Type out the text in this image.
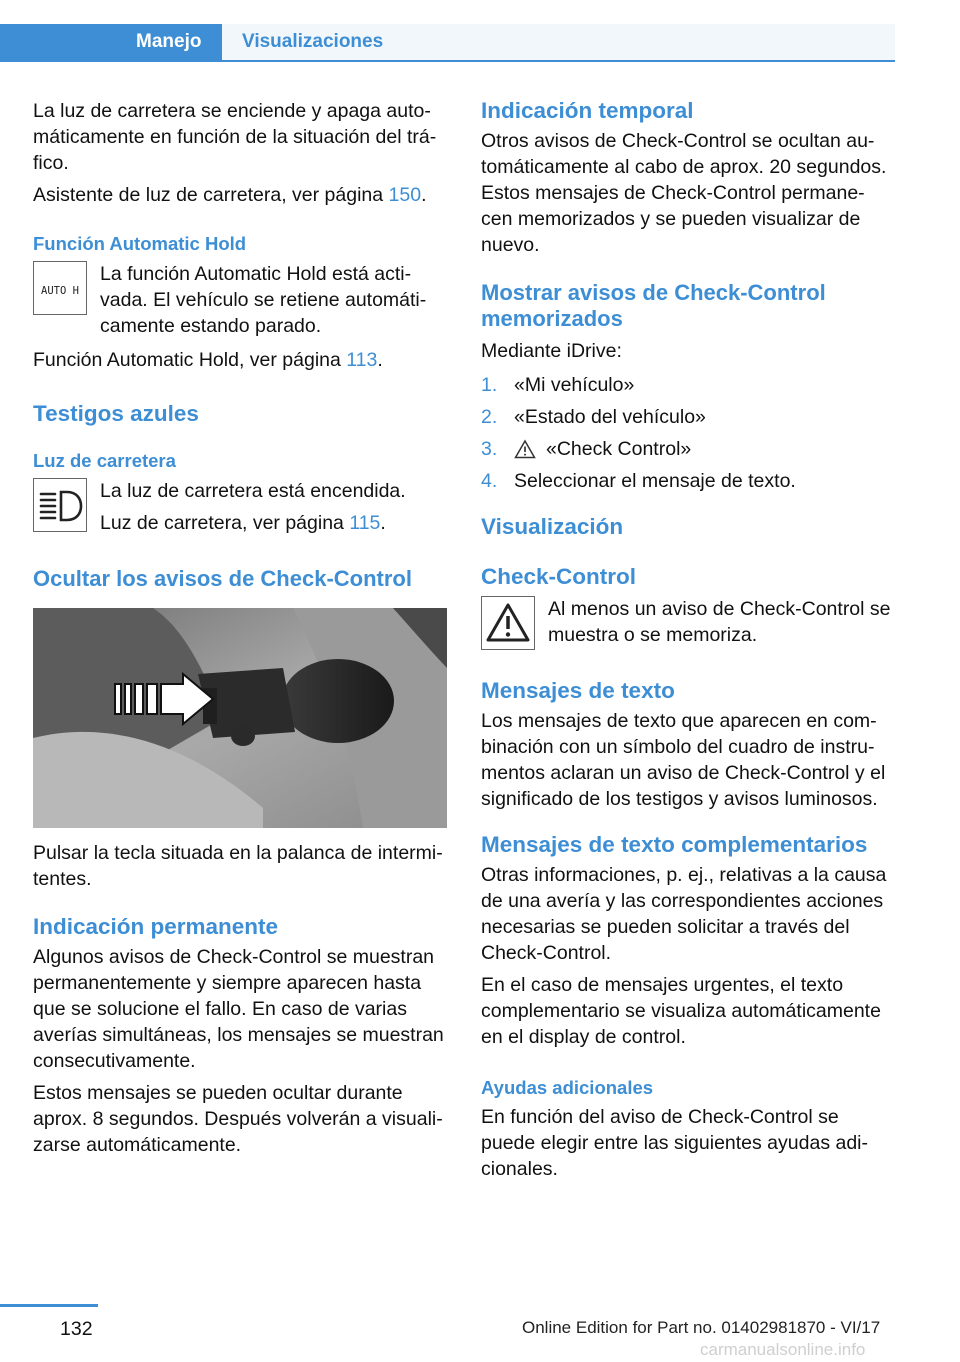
Manejo Visualizaciones

La luz de carretera se enciende y apaga auto‐máticamente en función de la situación del trá‐fico.

Asistente de luz de carretera, ver página 150.

Función Automatic Hold
AUTO H

La función Automatic Hold está acti‐vada. El vehículo se retiene automáti‐camente estando parado.

Función Automatic Hold, ver página 113.

Testigos azules
Luz de carretera

La luz de carretera está encendida.

Luz de carretera, ver página 115.

Ocultar los avisos de Check-Control

Pulsar la tecla situada en la palanca de intermi‐tentes.

Indicación permanente

Algunos avisos de Check-Control se muestran permanentemente y siempre aparecen hasta que se solucione el fallo. En caso de varias averías simultáneas, los mensajes se muestran consecutivamente.

Estos mensajes se pueden ocultar durante aprox. 8 segundos. Después volverán a visuali‐zarse automáticamente.

Indicación temporal

Otros avisos de Check-Control se ocultan au‐tomáticamente al cabo de aprox. 20 segundos. Estos mensajes de Check-Control permane‐cen memorizados y se pueden visualizar de nuevo.

Mostrar avisos de Check-Control memorizados

Mediante iDrive:

1. «Mi vehículo»
2. «Estado del vehículo»
3.	«Check Control»
4. Seleccionar el mensaje de texto.
Visualización
Check-Control

Al menos un aviso de Check-Control se muestra o se memoriza.

Mensajes de texto

Los mensajes de texto que aparecen en com‐binación con un símbolo del cuadro de instru‐mentos aclaran un aviso de Check-Control y el significado de los testigos y avisos luminosos.

Mensajes de texto complementarios

Otras informaciones, p. ej., relativas a la causa de una avería y las correspondientes acciones necesarias se pueden solicitar a través del Check-Control.

En el caso de mensajes urgentes, el texto complementario se visualiza automáticamente en el display de control.

Ayudas adicionales

En función del aviso de Check-Control se puede elegir entre las siguientes ayudas adi‐cionales.

132	Online Edition for Part no. 01402981870 - VI/17
carmanualsonline.info
